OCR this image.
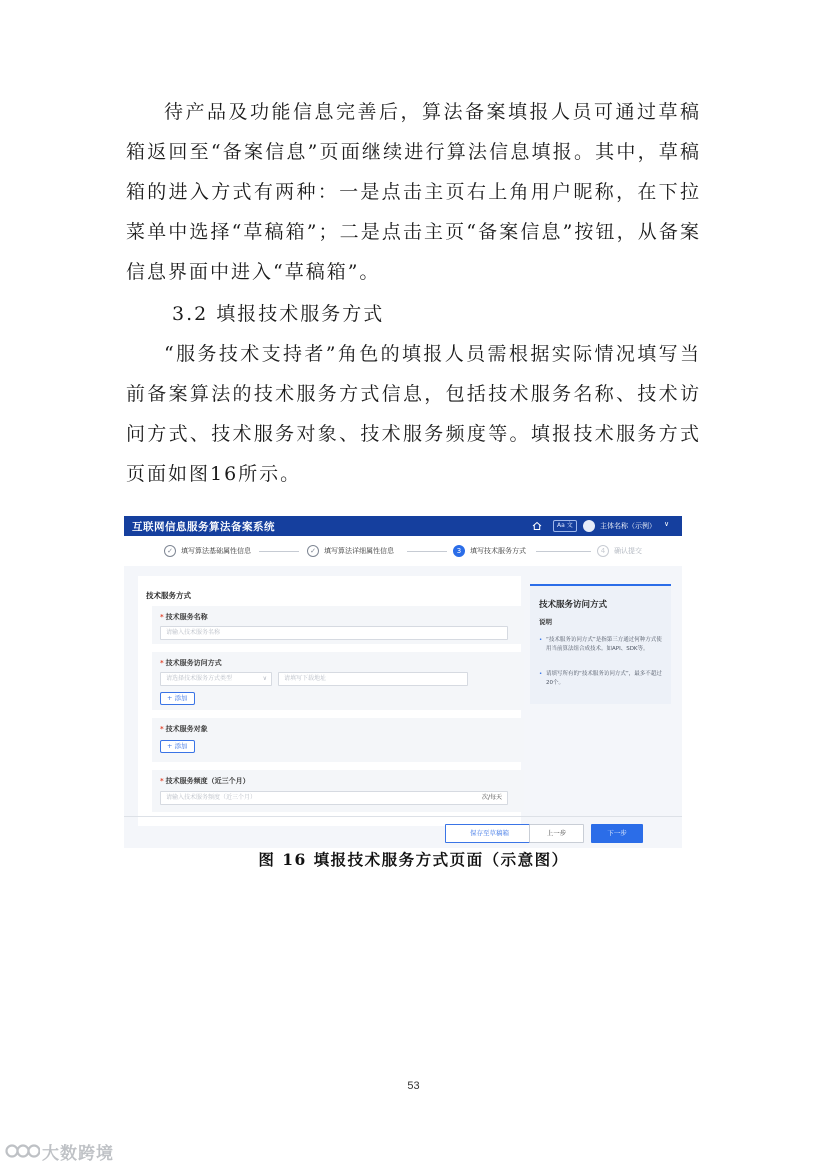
待产品及功能信息完善后，算法备案填报人员可通过草稿箱返回至“备案信息”页面继续进行算法信息填报。其中，草稿箱的进入方式有两种：一是点击主页右上角用户昵称，在下拉菜单中选择“草稿箱”；二是点击主页“备案信息”按钮，从备案信息界面中进入“草稿箱”。
3.2 填报技术服务方式
“服务技术支持者”角色的填报人员需根据实际情况填写当前备案算法的技术服务方式信息，包括技术服务名称、技术访问方式、技术服务对象、技术服务频度等。填报技术服务方式页面如图16所示。
互联网信息服务算法备案系统	Aa 文	主体名称（示例） ∨
✓	填写算法基础属性信息	✓	填写算法详细属性信息	3	填写技术服务方式	4	确认提交
技术服务方式
* 技术服务名称
请输入技术服务名称
* 技术服务访问方式
请选择技术服务方式类型	∨	请填写下载地址
+ 添加
* 技术服务对象
+ 添加
* 技术服务频度（近三个月）
请输入技术服务频度（近三个月）	次/每天
技术服务访问方式
说明
• “技术服务访问方式”是指第三方通过何种方式使用当前算法组合成技术。如API、SDK等。
• 请填写所有的“技术服务访问方式”，最多不超过20个。
保存至草稿箱	上一步	下一步
图 16 填报技术服务方式页面（示意图）
53
大数跨境
